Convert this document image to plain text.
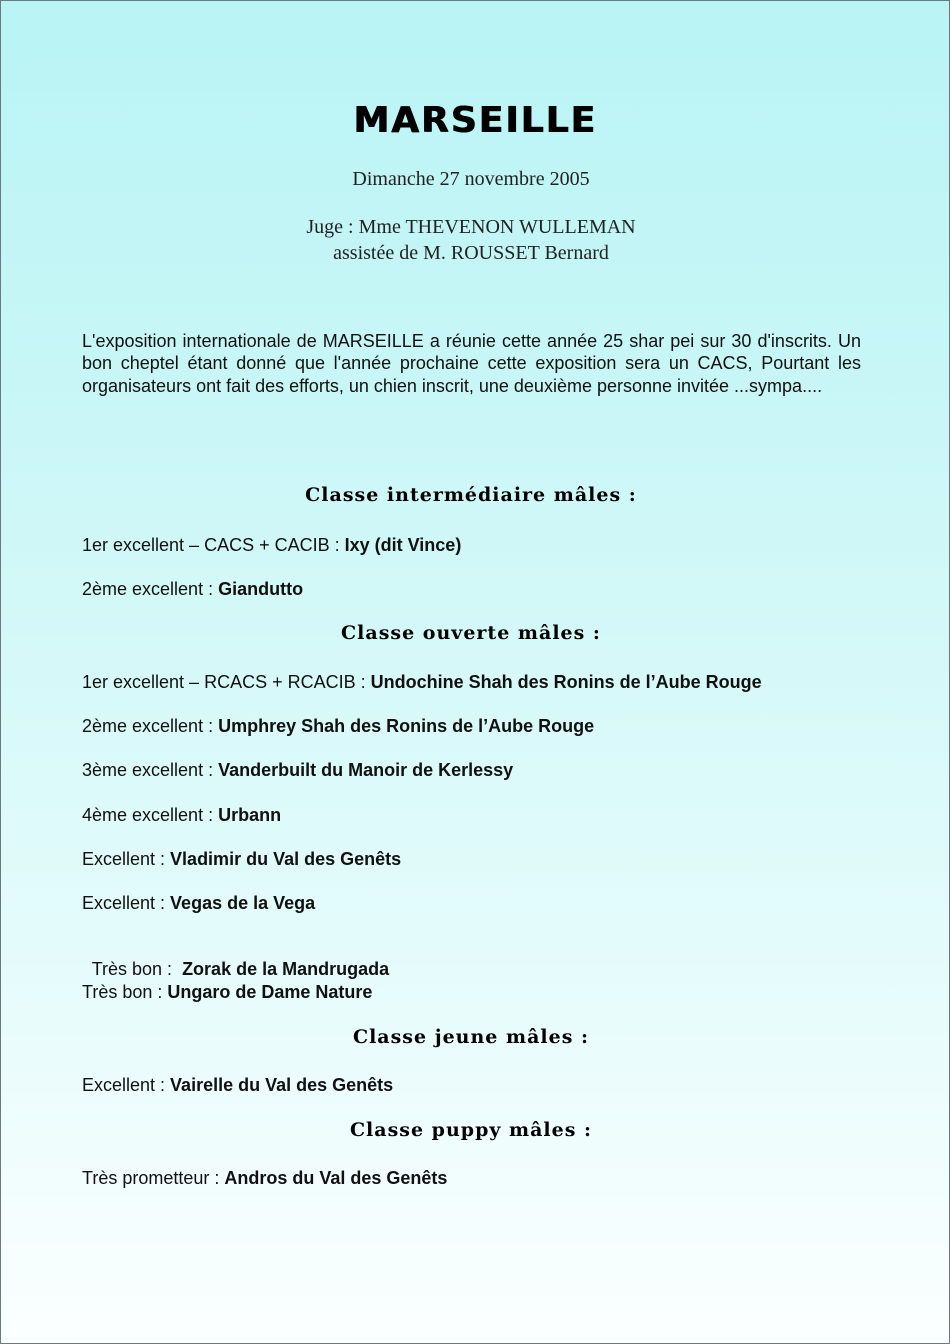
MARSEILLE
Dimanche 27 novembre 2005
Juge : Mme THEVENON WULLEMAN
assistée de M. ROUSSET Bernard
L'exposition internationale de MARSEILLE a réunie cette année 25 shar pei sur 30 d'inscrits. Un bon cheptel étant donné que l'année prochaine cette exposition sera un CACS, Pourtant les organisateurs ont fait des efforts, un chien inscrit, une deuxième personne invitée ...sympa....
Classe intermédiaire mâles :
1er excellent – CACS + CACIB : Ixy (dit Vince)
2ème excellent : Giandutto
Classe ouverte mâles :
1er excellent – RCACS + RCACIB : Undochine Shah des Ronins de l’Aube Rouge
2ème excellent : Umphrey Shah des Ronins de l’Aube Rouge
3ème excellent : Vanderbuilt du Manoir de Kerlessy
4ème excellent : Urbann
Excellent : Vladimir du Val des Genêts
Excellent : Vegas de la Vega

Très bon :  Zorak de la Mandrugada

Très bon : Ungaro de Dame Nature
Classe jeune mâles :
Excellent : Vairelle du Val des Genêts
Classe puppy mâles :
Très prometteur : Andros du Val des Genêts
